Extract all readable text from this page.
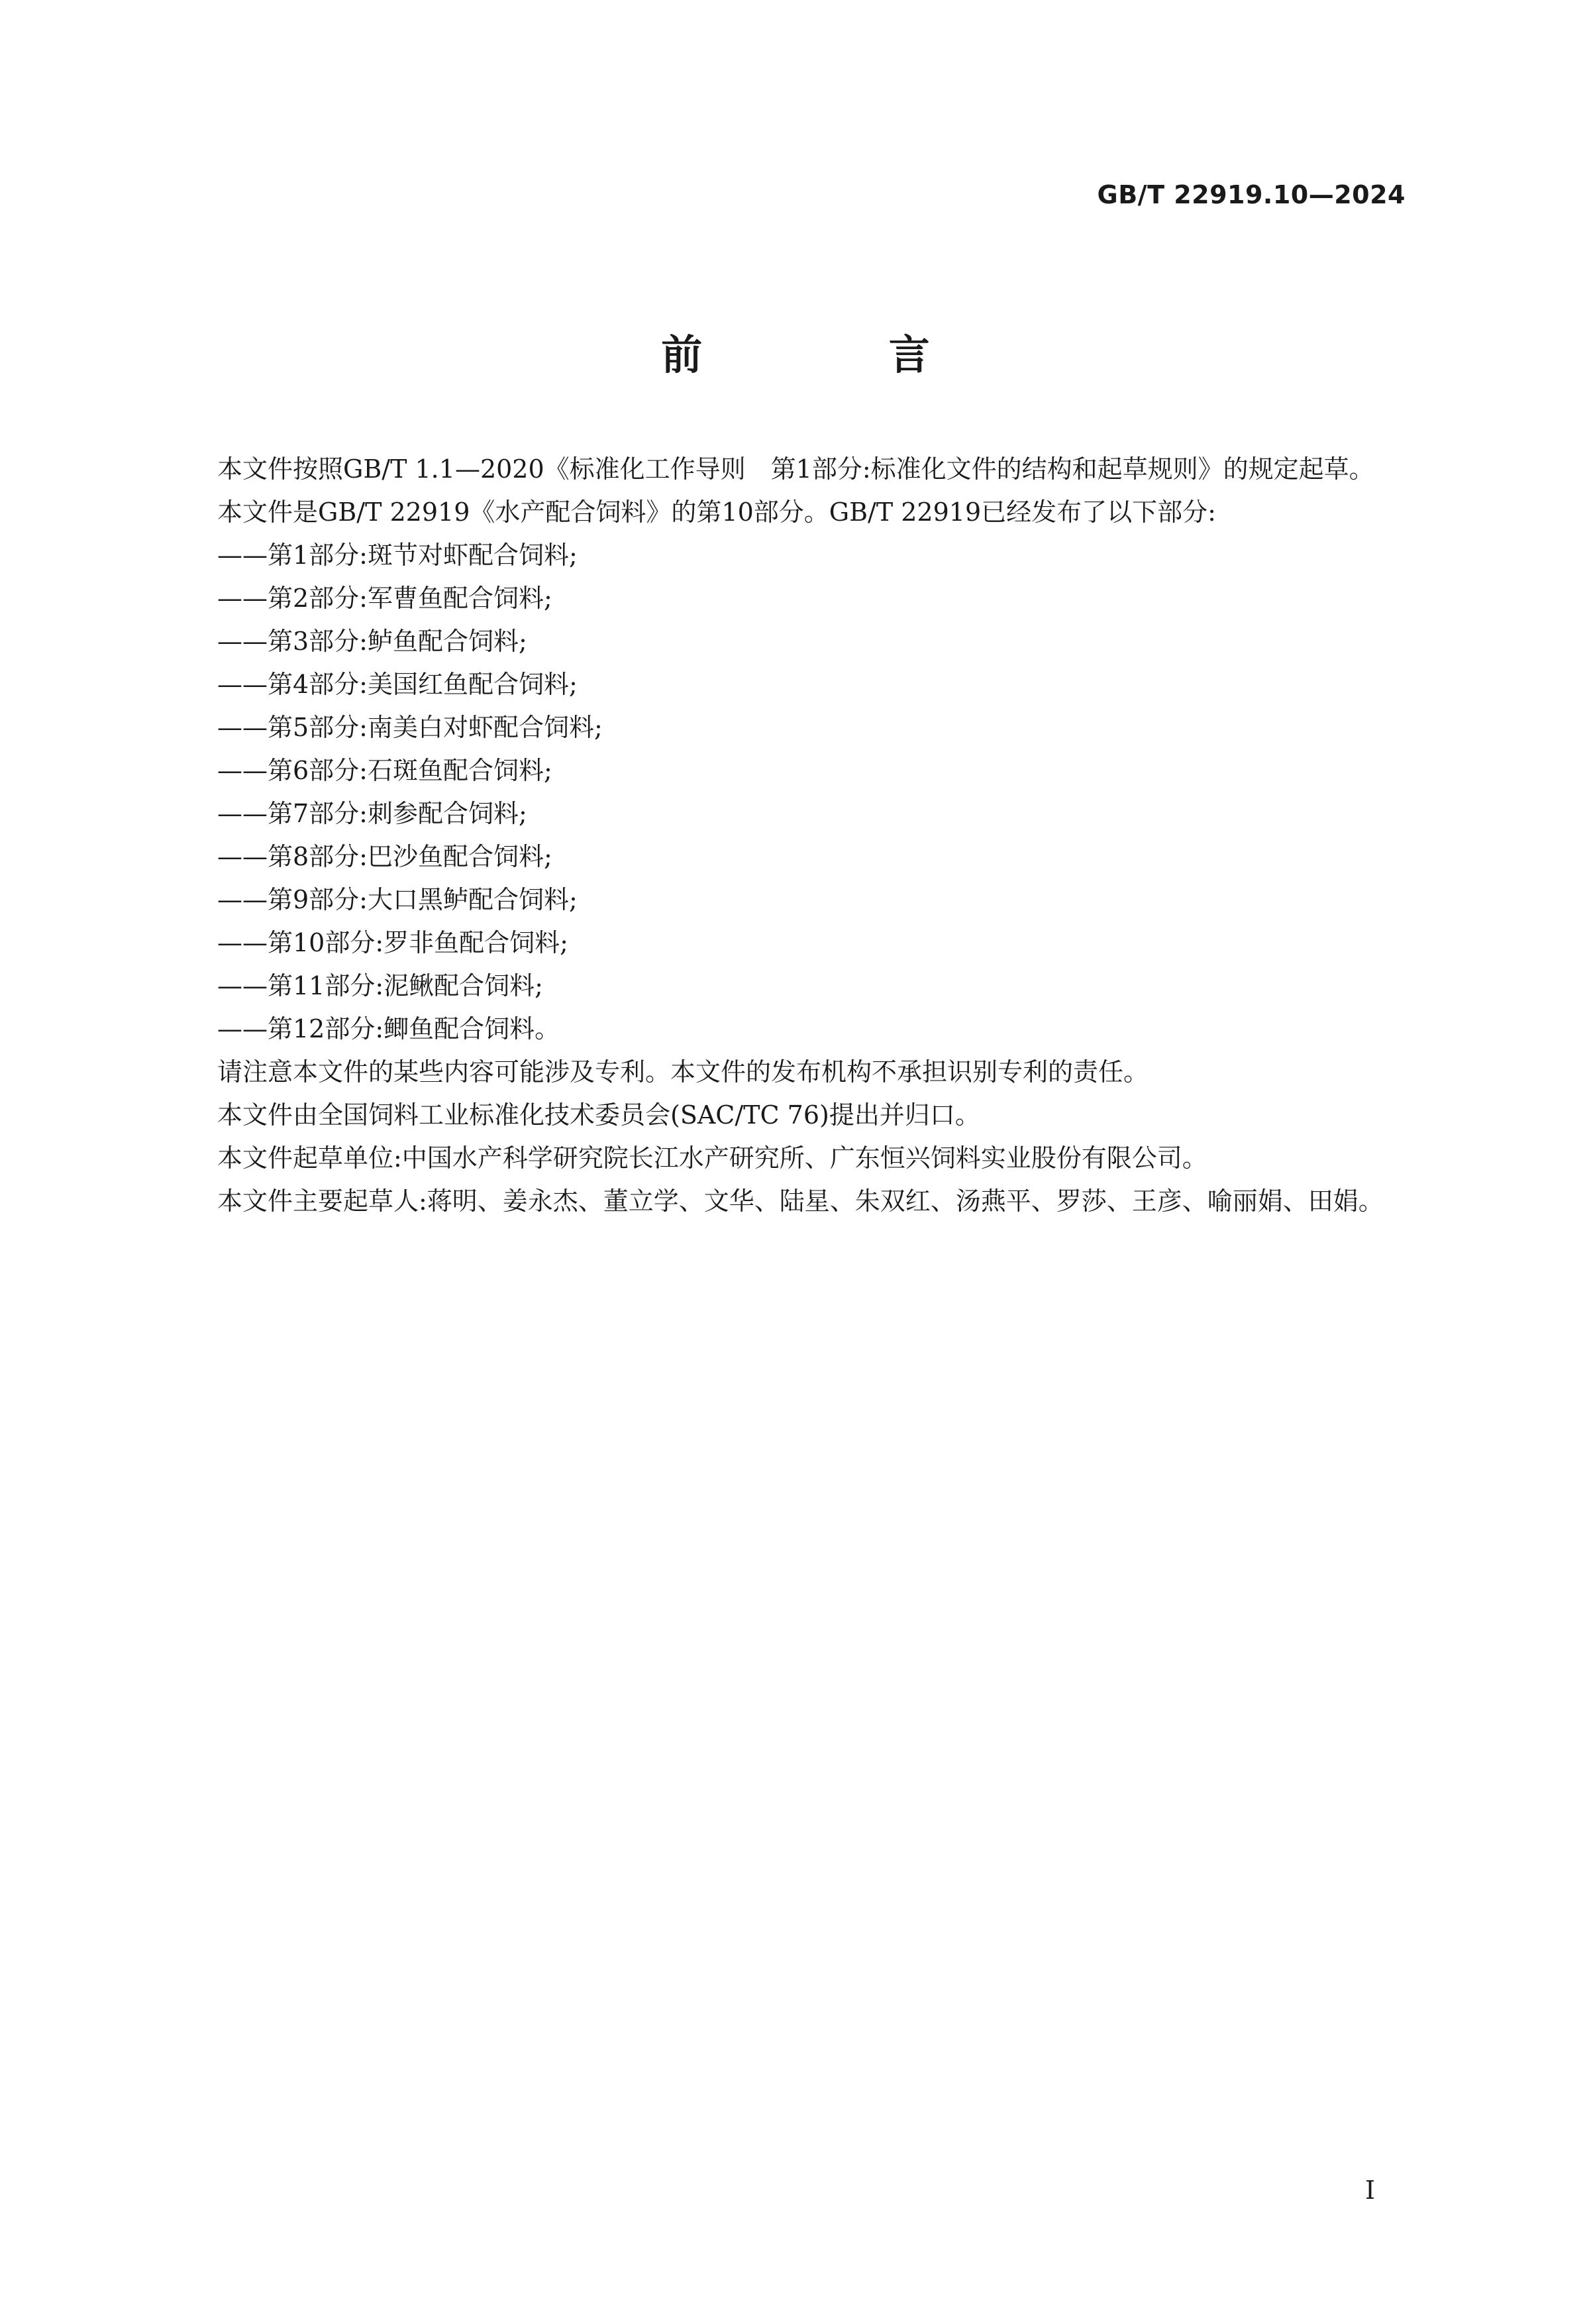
GB/T 22919.10—2024
前 言

本文件按照GB/T 1.1—2020《标准化工作导则　第1部分:标准化文件的结构和起草规则》的规定起草。

本文件是GB/T 22919《水产配合饲料》的第10部分。GB/T 22919已经发布了以下部分:

——第1部分:斑节对虾配合饲料;

——第2部分:军曹鱼配合饲料;

——第3部分:鲈鱼配合饲料;

——第4部分:美国红鱼配合饲料;

——第5部分:南美白对虾配合饲料;

——第6部分:石斑鱼配合饲料;

——第7部分:刺参配合饲料;

——第8部分:巴沙鱼配合饲料;

——第9部分:大口黑鲈配合饲料;

——第10部分:罗非鱼配合饲料;

——第11部分:泥鳅配合饲料;

——第12部分:鲫鱼配合饲料。

请注意本文件的某些内容可能涉及专利。本文件的发布机构不承担识别专利的责任。

本文件由全国饲料工业标准化技术委员会(SAC/TC 76)提出并归口。

本文件起草单位:中国水产科学研究院长江水产研究所、广东恒兴饲料实业股份有限公司。

本文件主要起草人:蒋明、姜永杰、董立学、文华、陆星、朱双红、汤燕平、罗莎、王彦、喻丽娟、田娟。

Ⅰ
